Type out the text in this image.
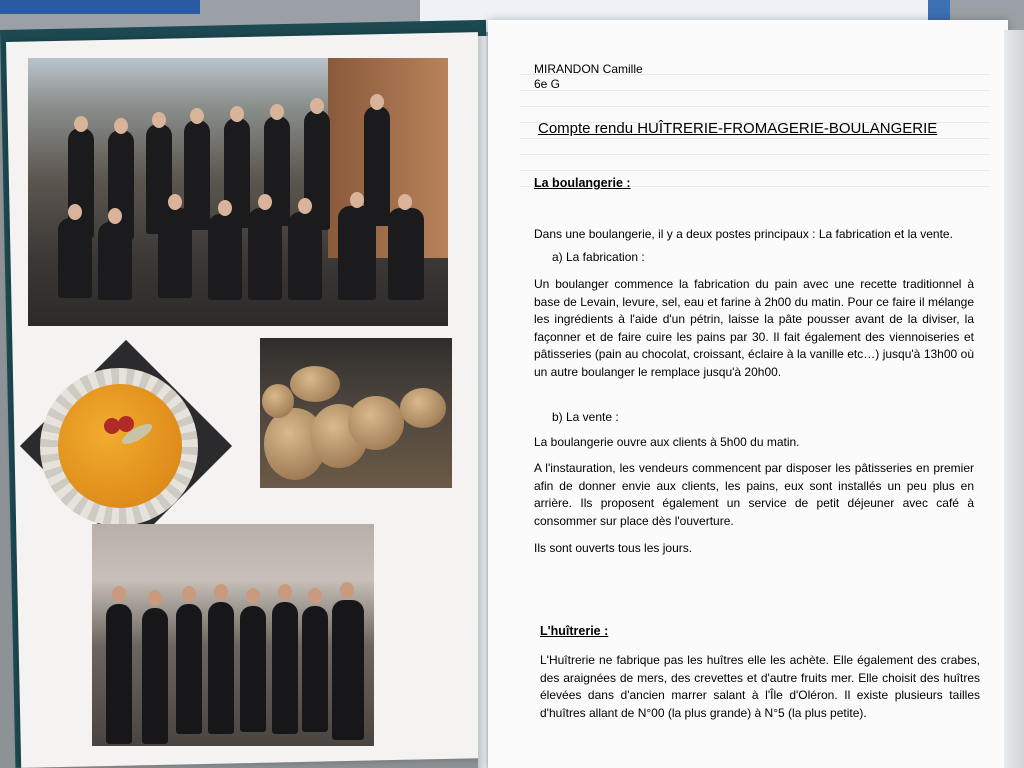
MIRANDON Camille
6e G
Compte rendu HUÎTRERIE-FROMAGERIE-BOULANGERIE
La boulangerie :
Dans une boulangerie, il y a deux postes principaux : La fabrication et la vente.
a) La fabrication :
Un boulanger commence la fabrication du pain avec une recette traditionnel à base de Levain, levure, sel, eau et farine à 2h00 du matin. Pour ce faire il mélange les ingrédients à l'aide d'un pétrin, laisse la pâte pousser avant de la diviser, la façonner et de faire cuire les pains par 30. Il fait également des viennoiseries et pâtisseries (pain au chocolat, croissant, éclaire à la vanille etc…) jusqu'à 13h00 où un autre boulanger le remplace jusqu'à 20h00.
b) La vente :
La boulangerie ouvre aux clients à 5h00 du matin.
A l'instauration, les vendeurs commencent par disposer les pâtisseries en premier afin de donner envie aux clients, les pains, eux sont installés un peu plus en arrière. Ils proposent également un service de petit déjeuner avec café à consommer sur place dès l'ouverture.
Ils sont ouverts tous les jours.
L'huîtrerie :
L'Huîtrerie ne fabrique pas les huîtres elle les achète. Elle également des crabes, des araignées de mers, des crevettes et d'autre fruits mer. Elle choisit des huîtres élevées dans d'ancien marrer salant à l'Île d'Oléron. Il existe plusieurs tailles d'huîtres allant de N°00 (la plus grande) à N°5 (la plus petite).
